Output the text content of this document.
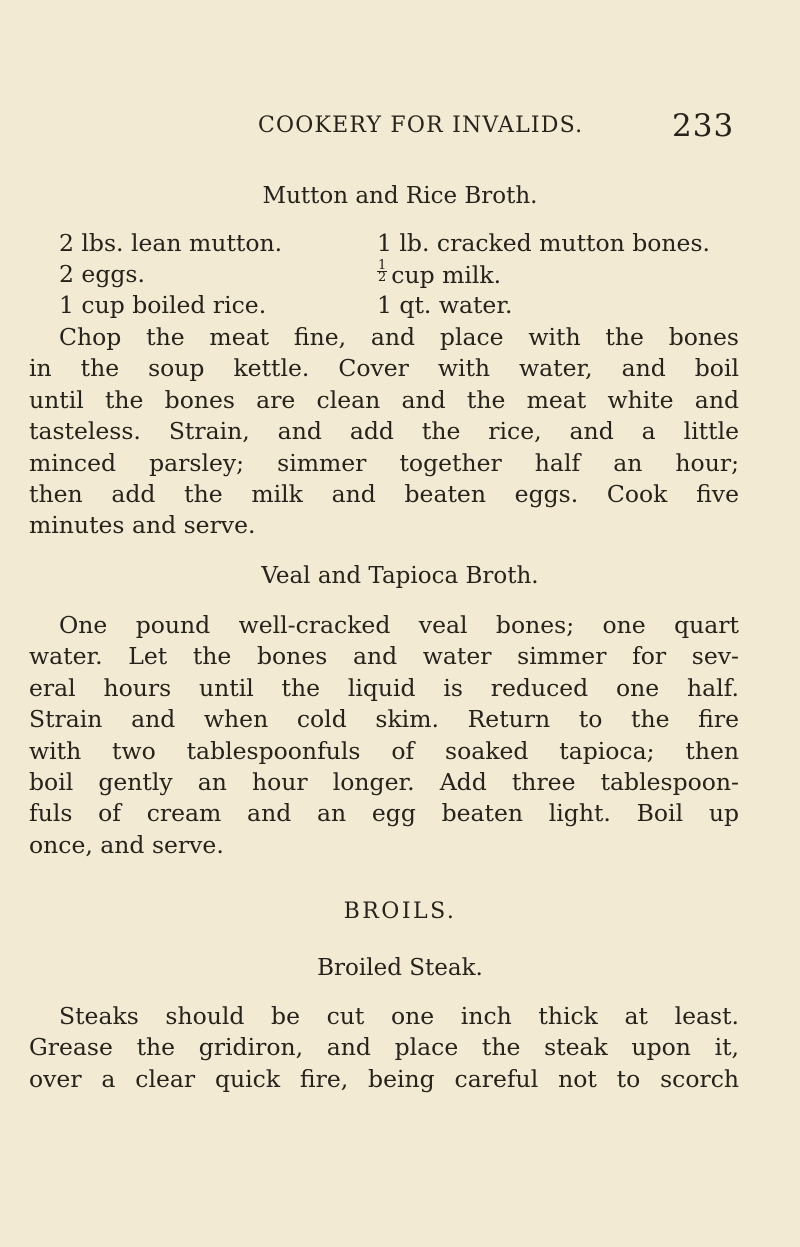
COOKERY FOR INVALIDS.	233
Mutton and Rice Broth.
2 lbs. lean mutton.	1 lb. cracked mutton bones.
2 eggs.	$\frac{1}{2}$ cup milk.
1 cup boiled rice.	1 qt. water.
Chop the meat fine, and place with the bones
in the soup kettle. Cover with water, and boil
until the bones are clean and the meat white and
tasteless. Strain, and add the rice, and a little
minced parsley; simmer together half an hour;
then add the milk and beaten eggs. Cook five
minutes and serve.
Veal and Tapioca Broth.
One pound well-cracked veal bones; one quart
water. Let the bones and water simmer for sev-
eral hours until the liquid is reduced one half.
Strain and when cold skim. Return to the fire
with two tablespoonfuls of soaked tapioca; then
boil gently an hour longer. Add three tablespoon-
fuls of cream and an egg beaten light. Boil up
once, and serve.
BROILS.
Broiled Steak.
Steaks should be cut one inch thick at least.
Grease the gridiron, and place the steak upon it,
over a clear quick fire, being careful not to scorch
